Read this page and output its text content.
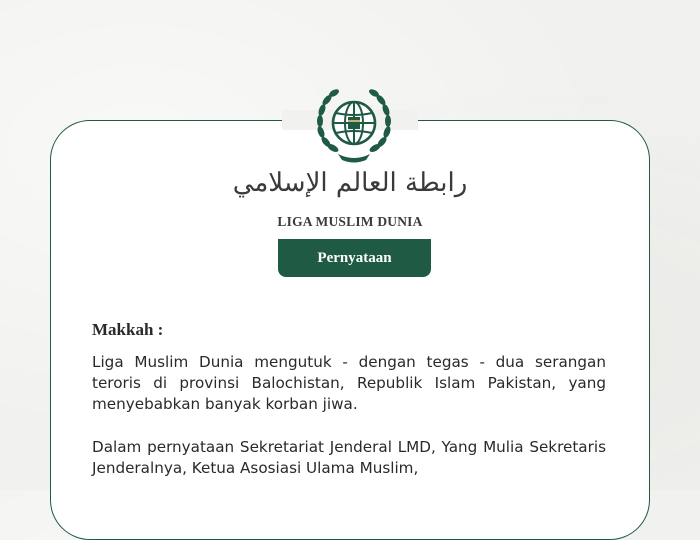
رابطة العالم الإسلامي
LIGA MUSLIM DUNIA
Pernyataan
Makkah :

Liga Muslim Dunia mengutuk - dengan tegas - dua serangan teroris di provinsi Balochistan, Republik Islam Pakistan, yang menyebabkan banyak korban jiwa.

Dalam pernyataan Sekretariat Jenderal LMD, Yang Mulia Sekretaris Jenderalnya, Ketua Asosiasi Ulama Muslim,
